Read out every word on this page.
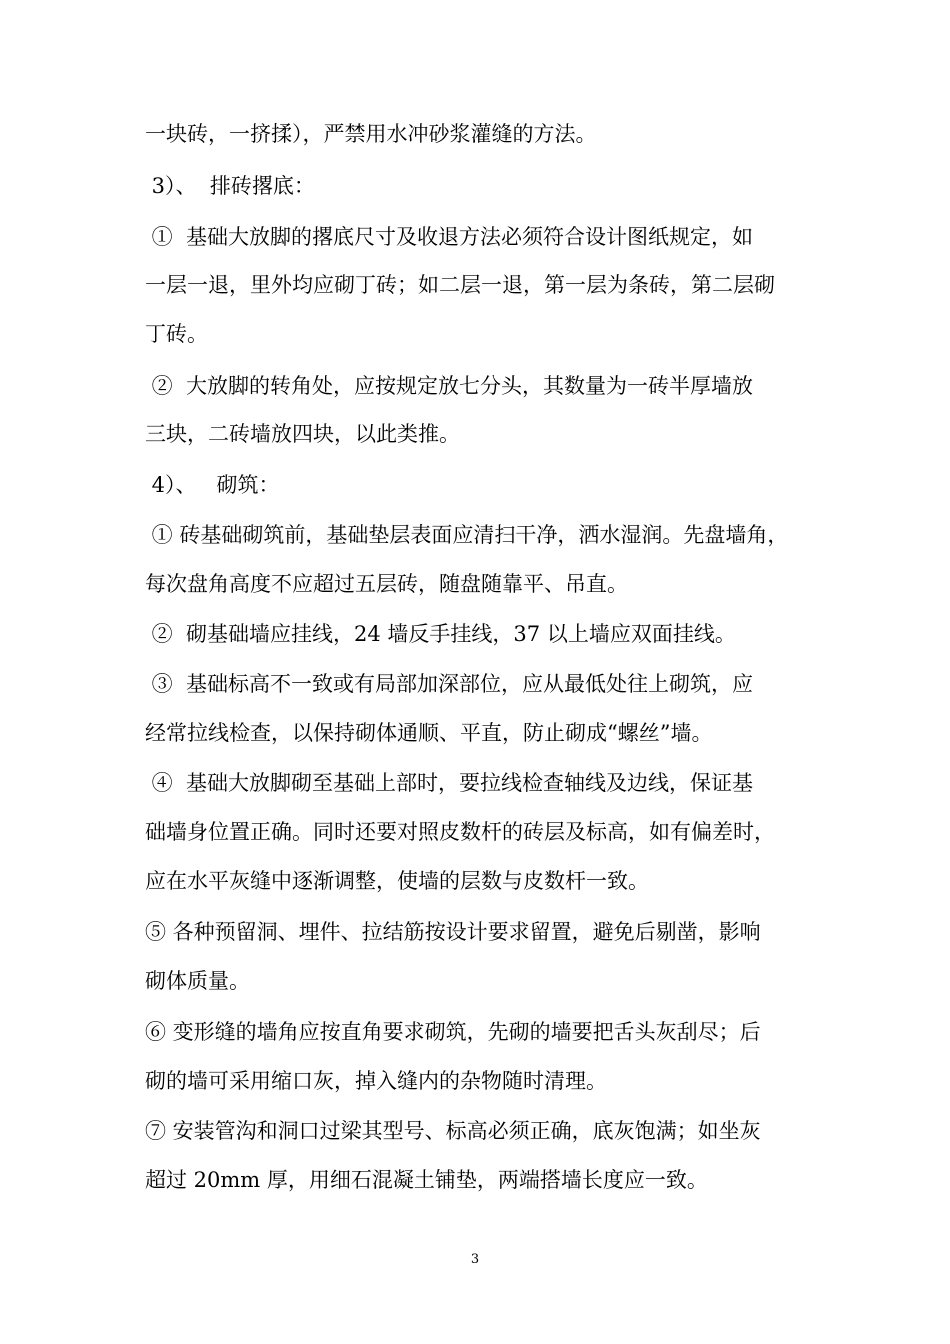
一块砖，一挤揉），严禁用水冲砂浆灌缝的方法。
3）、  排砖撂底：
①  基础大放脚的撂底尺寸及收退方法必须符合设计图纸规定，如
一层一退，里外均应砌丁砖；如二层一退，第一层为条砖，第二层砌
丁砖。
②  大放脚的转角处，应按规定放七分头，其数量为一砖半厚墙放
三块，二砖墙放四块，以此类推。
4）、   砌筑：
① 砖基础砌筑前，基础垫层表面应清扫干净，洒水湿润。先盘墙角，
每次盘角高度不应超过五层砖，随盘随靠平、吊直。
②  砌基础墙应挂线，24 墙反手挂线，37 以上墙应双面挂线。
③  基础标高不一致或有局部加深部位，应从最低处往上砌筑，应
经常拉线检查，以保持砌体通顺、平直，防止砌成“螺丝”墙。
④  基础大放脚砌至基础上部时，要拉线检查轴线及边线，保证基
础墙身位置正确。同时还要对照皮数杆的砖层及标高，如有偏差时，
应在水平灰缝中逐渐调整，使墙的层数与皮数杆一致。
⑤ 各种预留洞、埋件、拉结筋按设计要求留置，避免后剔凿，影响
砌体质量。
⑥ 变形缝的墙角应按直角要求砌筑，先砌的墙要把舌头灰刮尽；后
砌的墙可采用缩口灰，掉入缝内的杂物随时清理。
⑦ 安装管沟和洞口过梁其型号、标高必须正确，底灰饱满；如坐灰
超过 20mm 厚，用细石混凝土铺垫，两端搭墙长度应一致。
3
